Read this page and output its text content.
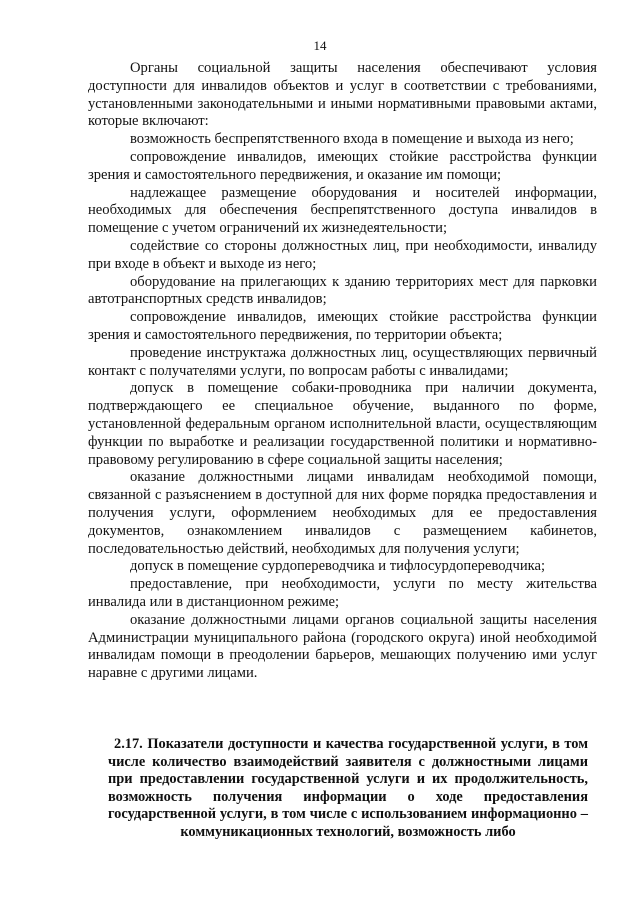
14

Органы социальной защиты населения обеспечивают условия доступности для инвалидов объектов и услуг в соответствии с требованиями, установленными законодательными и иными нормативными правовыми актами, которые включают:

возможность беспрепятственного входа в помещение и выхода из него;

сопровождение инвалидов, имеющих стойкие расстройства функции зрения и самостоятельного передвижения, и оказание им помощи;

надлежащее размещение оборудования и носителей информации, необходимых для обеспечения беспрепятственного доступа инвалидов в помещение с учетом ограничений их жизнедеятельности;

содействие со стороны должностных лиц, при необходимости, инвалиду при входе в объект и выходе из него;

оборудование на прилегающих к зданию территориях мест для парковки автотранспортных средств инвалидов;

сопровождение инвалидов, имеющих стойкие расстройства функции зрения и самостоятельного передвижения, по территории объекта;

проведение инструктажа должностных лиц, осуществляющих первичный контакт с получателями услуги, по вопросам работы с инвалидами;

допуск в помещение собаки-проводника при наличии документа, подтверждающего ее специальное обучение, выданного по форме, установленной федеральным органом исполнительной власти, осуществляющим функции по выработке и реализации государственной политики и нормативно-правовому регулированию в сфере социальной защиты населения;

оказание должностными лицами инвалидам необходимой помощи, связанной с разъяснением в доступной для них форме порядка предоставления и получения услуги, оформлением необходимых для ее предоставления документов, ознакомлением инвалидов с размещением кабинетов, последовательностью действий, необходимых для получения услуги;

допуск в помещение сурдопереводчика и тифлосурдопереводчика;

предоставление, при необходимости, услуги по месту жительства инвалида или в дистанционном режиме;

оказание должностными лицами органов социальной защиты населения Администрации муниципального района (городского округа) иной необходимой инвалидам помощи в преодолении барьеров, мешающих получению ими услуг наравне с другими лицами.

2.17. Показатели доступности и качества государственной услуги, в том числе количество взаимодействий заявителя с должностными лицами при предоставлении государственной услуги и их продолжительность, возможность получения информации о ходе предоставления государственной услуги, в том числе с использованием информационно – коммуникационных технологий, возможность либо
